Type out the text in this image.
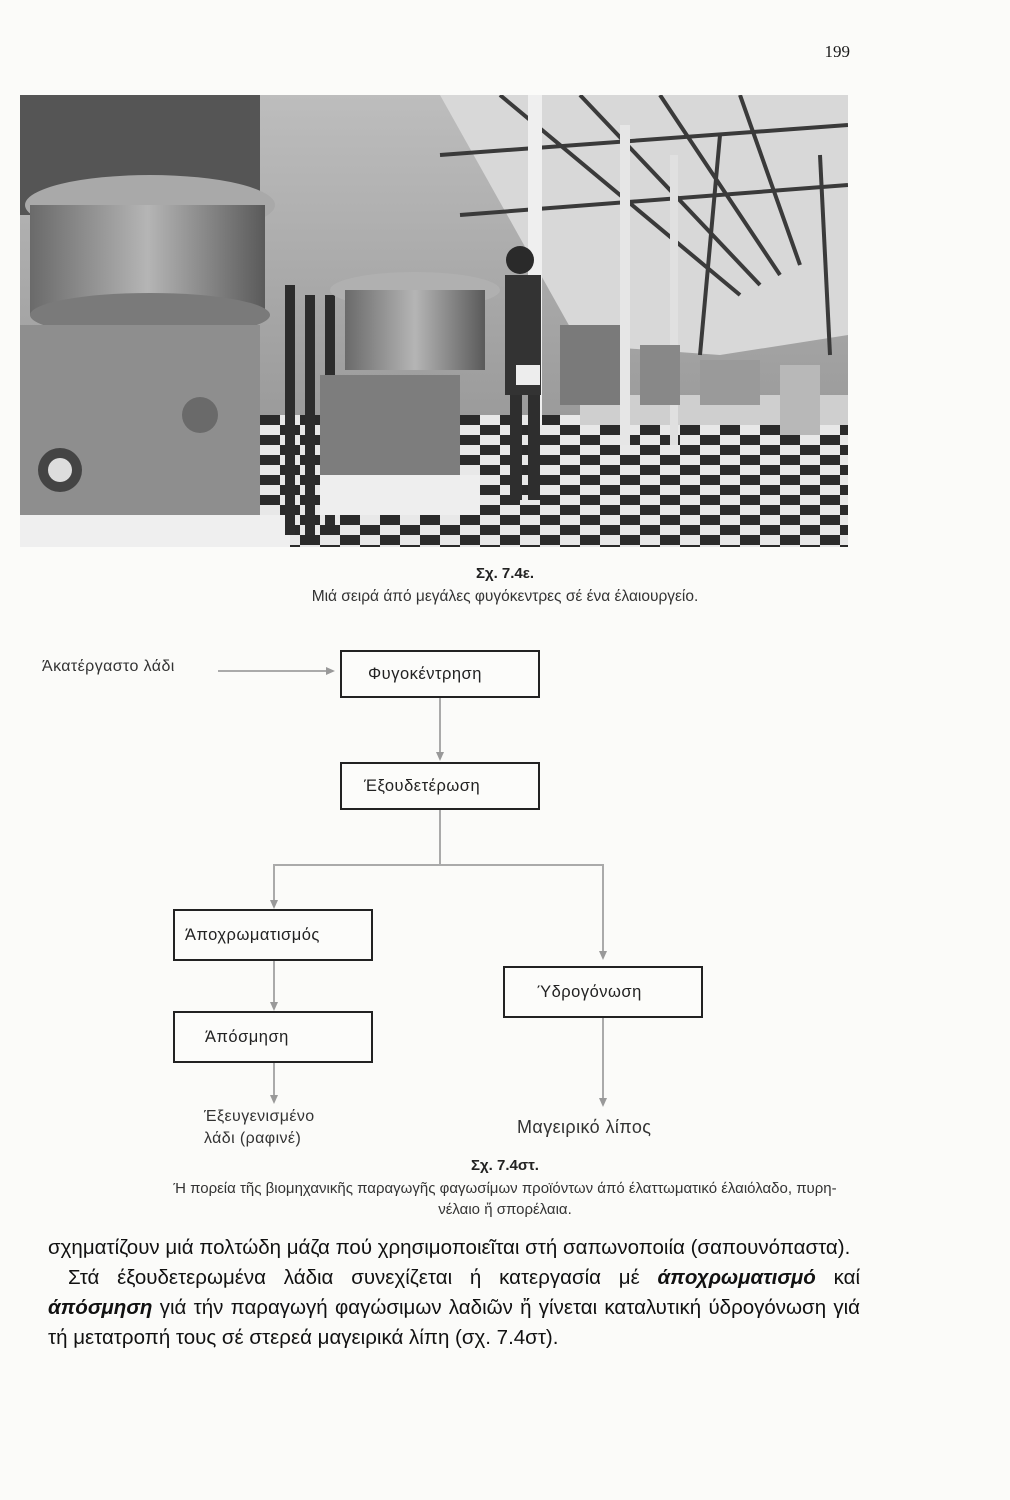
199
Σχ. 7.4ε.
Μιά σειρά άπό μεγάλες φυγόκεντρες σέ ένα έλαιουργείο.
Άκατέργαστο λάδι	Φυγοκέντρηση
Έξουδετέρωση
Άποχρωματισμός
Άπόσμηση
Ύδρογόνωση
Έξευγενισμένο
λάδι (ραφινέ)
Μαγειρικό λίπος
Σχ. 7.4στ.
Ή πορεία τῆς βιομηχανικῆς παραγωγῆς φαγωσίμων προϊόντων άπό έλαττωματικό έλαιόλαδο, πυρη-
νέλαιο ἤ σπορέλαια.

σχηματίζουν μιά πολτώδη μάζα πού χρησιμοποιεῖται στή σαπωνοποιία (σαπουνόπαστα).

Στά έξουδετερωμένα λάδια συνεχίζεται ή κατεργασία μέ άποχρωματισμό καί άπόσμηση γιά τήν παραγωγή φαγώσιμων λαδιῶν ἤ γίνεται καταλυτική ύδρογόνωση γιά τή μετατροπή τους σέ στερεά μαγειρικά λίπη (σχ. 7.4στ).
